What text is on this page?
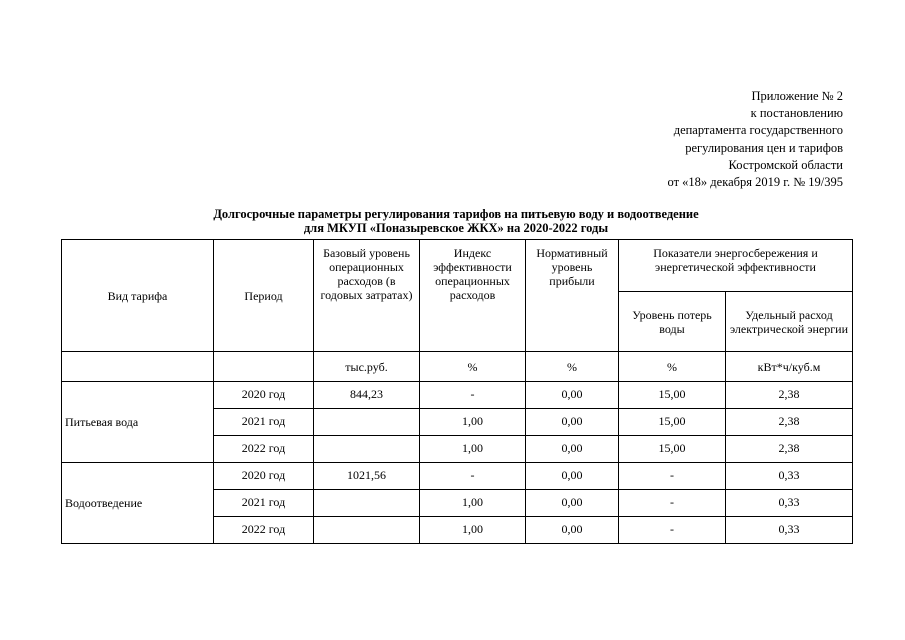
Приложение № 2
к постановлению
департамента государственного
регулирования цен и тарифов
Костромской области
от «18» декабря 2019 г. № 19/395
Долгосрочные параметры регулирования тарифов на питьевую воду и водоотведение
для МКУП «Поназыревское ЖКХ» на 2020-2022 годы
Вид тарифа	Период	Базовый уровень операционных расходов (в годовых затратах)	Индекс эффективности операционных расходов	Нормативный уровень прибыли	Показатели энергосбережения и энергетической эффективности	
					Уровень потерь воды	Удельный расход электрической энергии
		тыс.руб.	%	%	%	кВт*ч/куб.м
Питьевая вода	2020 год	844,23	-	0,00	15,00	2,38
	2021 год		1,00	0,00	15,00	2,38
	2022 год		1,00	0,00	15,00	2,38
Водоотведение	2020 год	1021,56	-	0,00	-	0,33
	2021 год		1,00	0,00	-	0,33
	2022 год		1,00	0,00	-	0,33
